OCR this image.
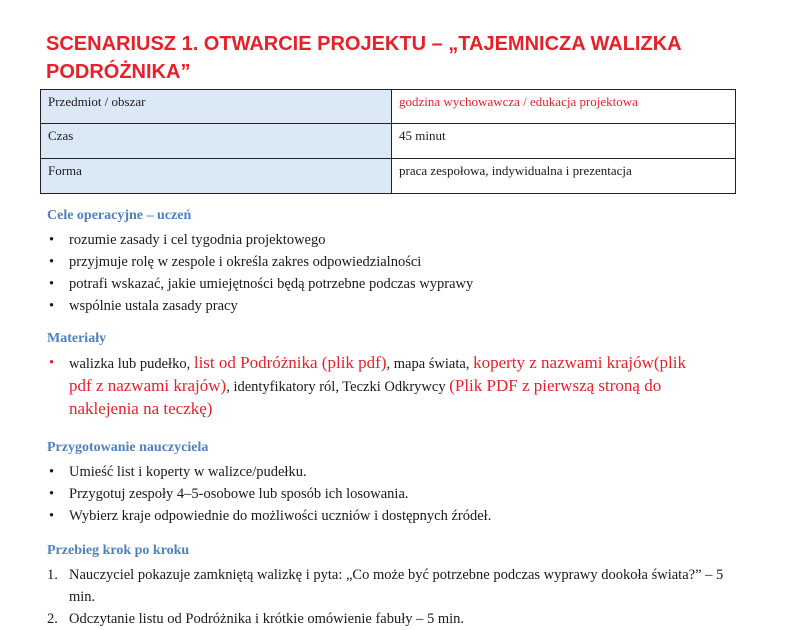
SCENARIUSZ 1. OTWARCIE PROJEKTU – „TAJEMNICZA WALIZKA PODRÓŻNIKA”
Przedmiot / obszar	godzina wychowawcza / edukacja projektowa
Czas	45 minut
Forma	praca zespołowa, indywidualna i prezentacja
Cele operacyjne – uczeń
• rozumie zasady i cel tygodnia projektowego
• przyjmuje rolę w zespole i określa zakres odpowiedzialności
• potrafi wskazać, jakie umiejętności będą potrzebne podczas wyprawy
• wspólnie ustala zasady pracy
Materiały
• walizka lub pudełko, list od Podróżnika (plik pdf), mapa świata, koperty z nazwami krajów(plik pdf z nazwami krajów), identyfikatory ról, Teczki Odkrywcy (Plik PDF z pierwszą stroną do naklejenia na teczkę)
Przygotowanie nauczyciela
• Umieść list i koperty w walizce/pudełku.
• Przygotuj zespoły 4–5-osobowe lub sposób ich losowania.
• Wybierz kraje odpowiednie do możliwości uczniów i dostępnych źródeł.
Przebieg krok po kroku
1. Nauczyciel pokazuje zamkniętą walizkę i pyta: „Co może być potrzebne podczas wyprawy dookoła świata?” – 5 min.
2. Odczytanie listu od Podróżnika i krótkie omówienie fabuły – 5 min.
